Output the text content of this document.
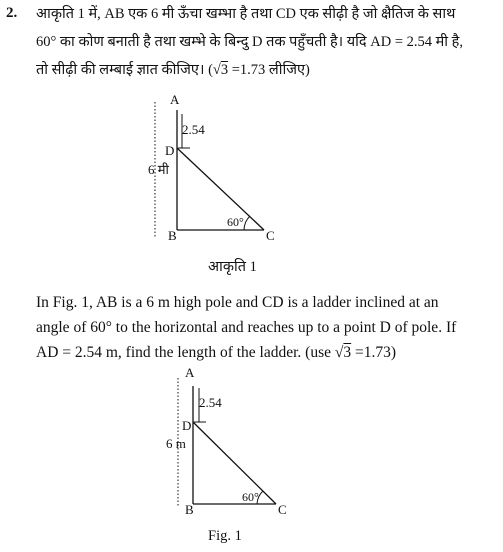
2. आकृति 1 में, AB एक 6 मी ऊँचा खम्भा है तथा CD एक सीढ़ी है जो क्षैतिज के साथ
60° का कोण बनाती है तथा खम्भे के बिन्दु D तक पहुँचती है। यदि AD = 2.54 मी है,
तो सीढ़ी की लम्बाई ज्ञात कीजिए। (√3 =1.73 लीजिए)
A
2.54
D
6 मी
60°
B	C
आकृति 1
In Fig. 1, AB is a 6 m high pole and CD is a ladder inclined at an
angle of 60° to the horizontal and reaches up to a point D of pole. If
AD = 2.54 m, find the length of the ladder. (use √3 =1.73)
A
2.54
D
6 m
60°
B	C
Fig. 1
